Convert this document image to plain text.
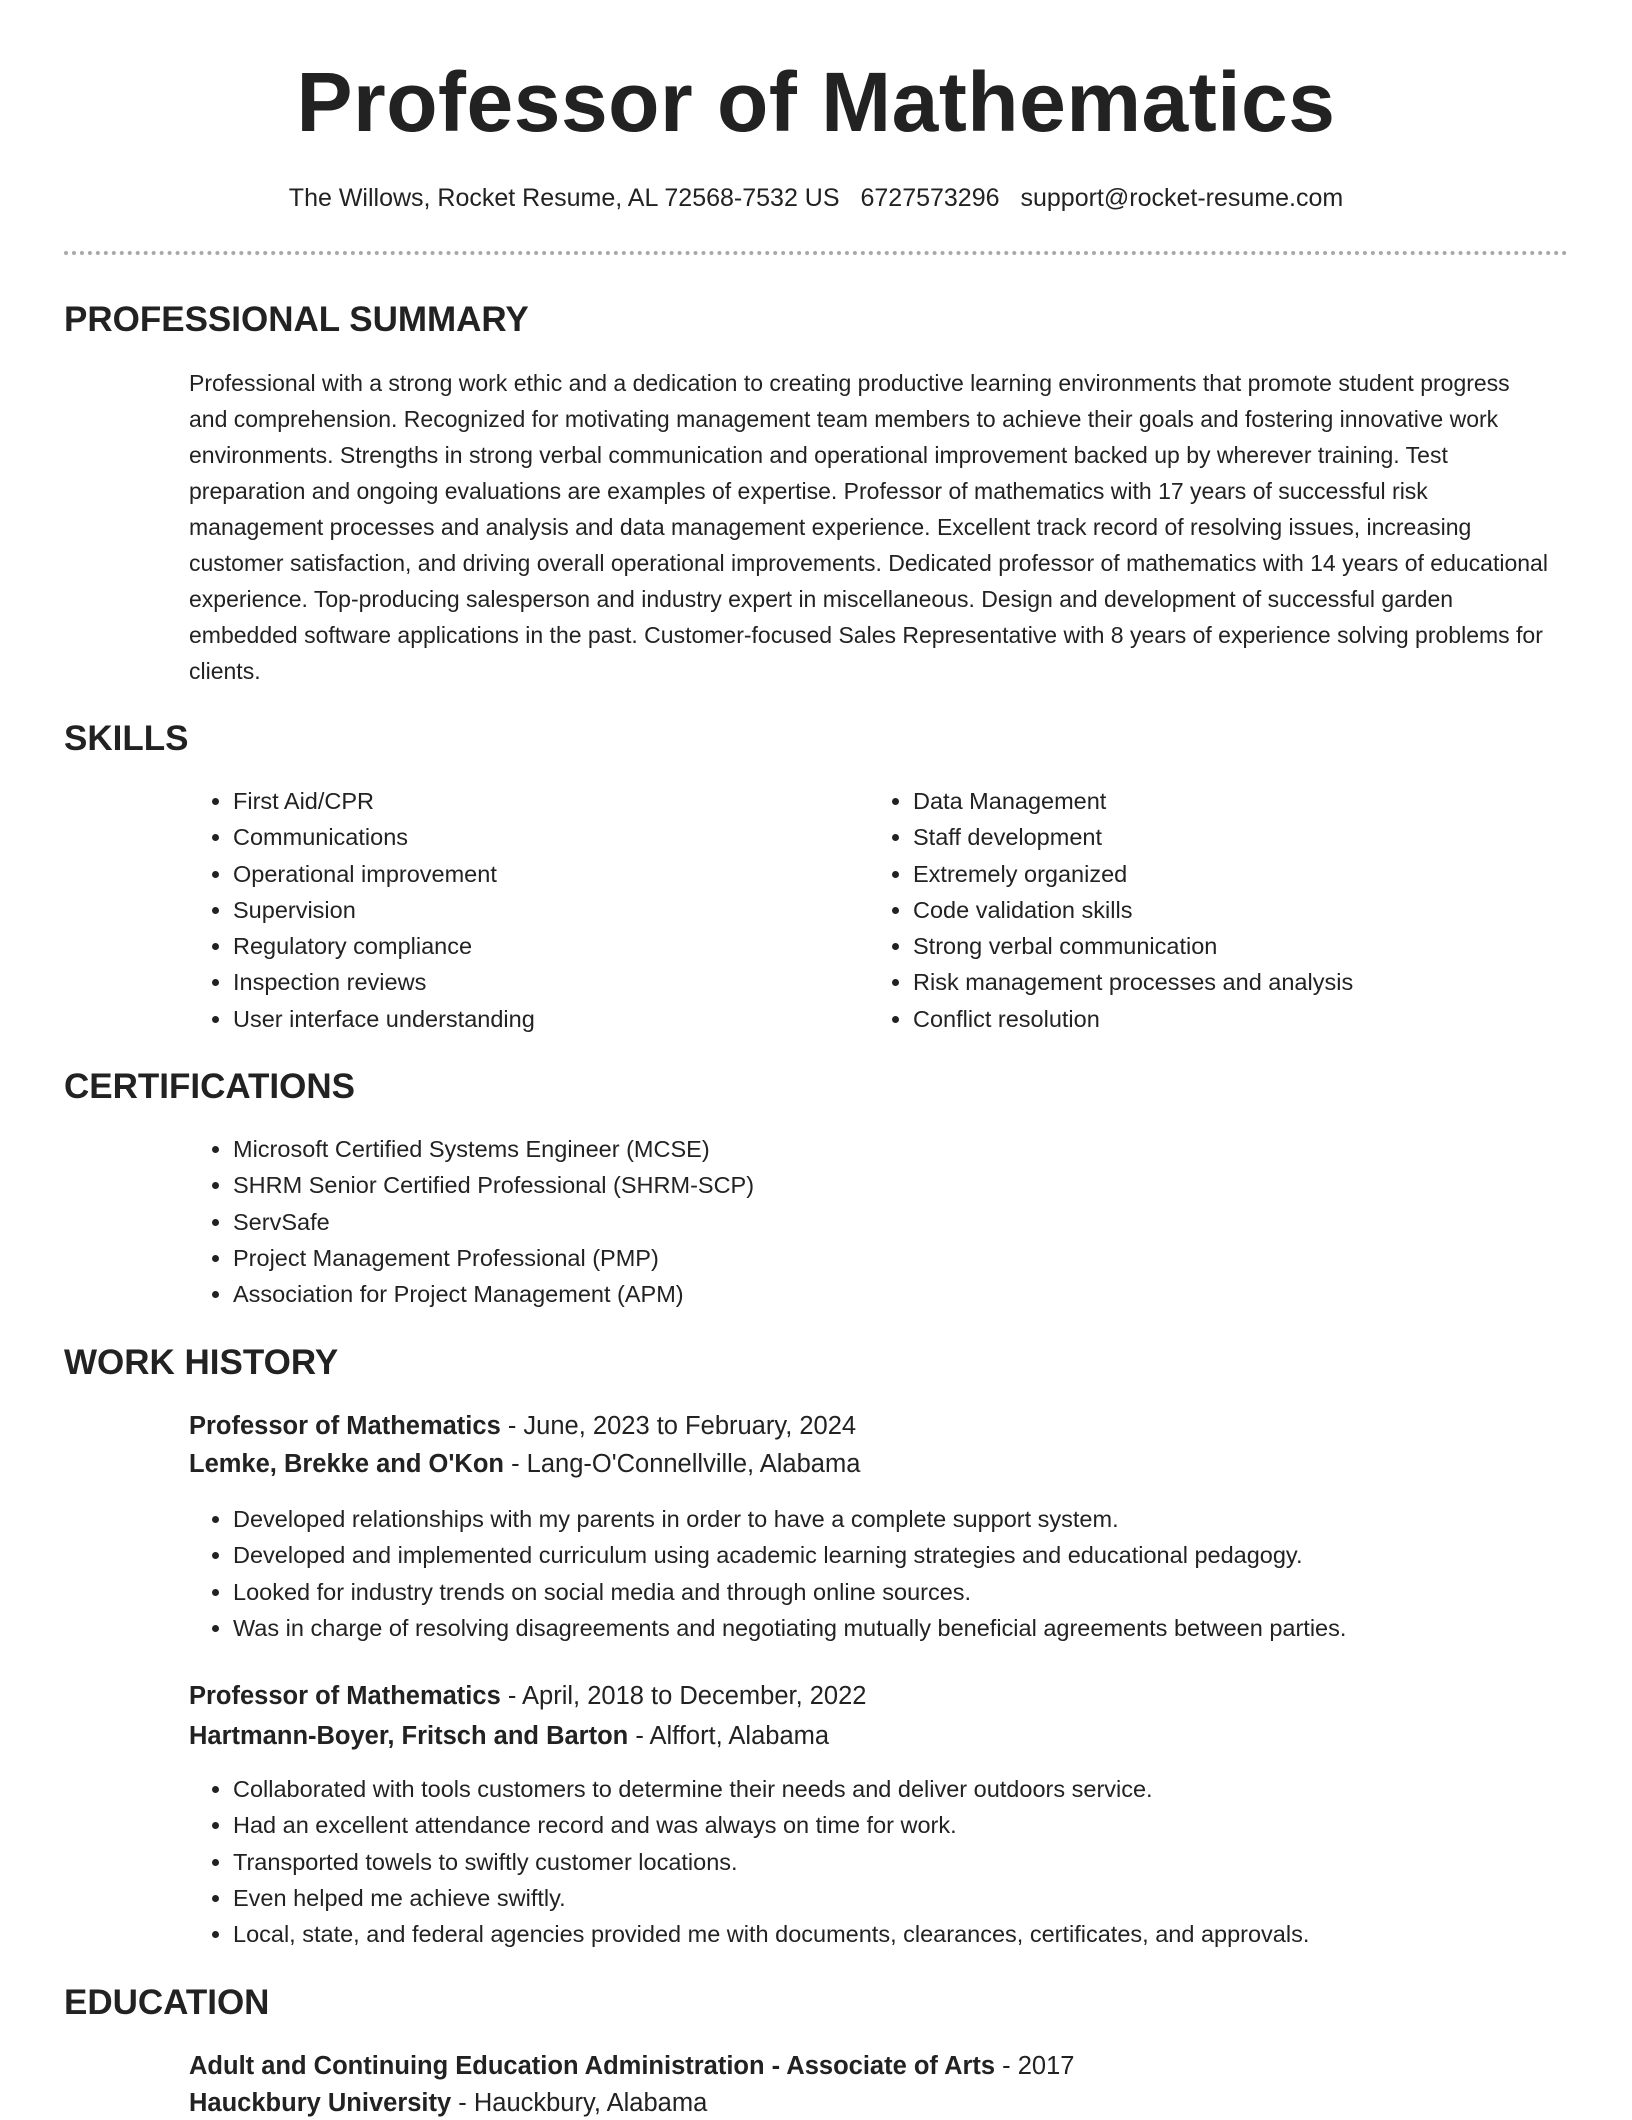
Professor of Mathematics
The Willows, Rocket Resume, AL 72568-7532 US 6727573296 support@rocket-resume.com
PROFESSIONAL SUMMARY

Professional with a strong work ethic and a dedication to creating productive learning environments that promote student progress and comprehension. Recognized for motivating management team members to achieve their goals and fostering innovative work environments. Strengths in strong verbal communication and operational improvement backed up by wherever training. Test preparation and ongoing evaluations are examples of expertise. Professor of mathematics with 17 years of successful risk management processes and analysis and data management experience. Excellent track record of resolving issues, increasing customer satisfaction, and driving overall operational improvements. Dedicated professor of mathematics with 14 years of educational experience. Top-producing salesperson and industry expert in miscellaneous. Design and development of successful garden embedded software applications in the past. Customer-focused Sales Representative with 8 years of experience solving problems for clients.

SKILLS
• First Aid/CPR
• Communications
• Operational improvement
• Supervision
• Regulatory compliance
• Inspection reviews
• User interface understanding
• Data Management
• Staff development
• Extremely organized
• Code validation skills
• Strong verbal communication
• Risk management processes and analysis
• Conflict resolution
CERTIFICATIONS
• Microsoft Certified Systems Engineer (MCSE)
• SHRM Senior Certified Professional (SHRM-SCP)
• ServSafe
• Project Management Professional (PMP)
• Association for Project Management (APM)
WORK HISTORY
Professor of Mathematics - June, 2023 to February, 2024
Lemke, Brekke and O'Kon - Lang-O'Connellville, Alabama
• Developed relationships with my parents in order to have a complete support system.
• Developed and implemented curriculum using academic learning strategies and educational pedagogy.
• Looked for industry trends on social media and through online sources.
• Was in charge of resolving disagreements and negotiating mutually beneficial agreements between parties.
Professor of Mathematics - April, 2018 to December, 2022
Hartmann-Boyer, Fritsch and Barton - Alffort, Alabama
• Collaborated with tools customers to determine their needs and deliver outdoors service.
• Had an excellent attendance record and was always on time for work.
• Transported towels to swiftly customer locations.
• Even helped me achieve swiftly.
• Local, state, and federal agencies provided me with documents, clearances, certificates, and approvals.
EDUCATION
Adult and Continuing Education Administration - Associate of Arts - 2017
Hauckbury University - Hauckbury, Alabama
